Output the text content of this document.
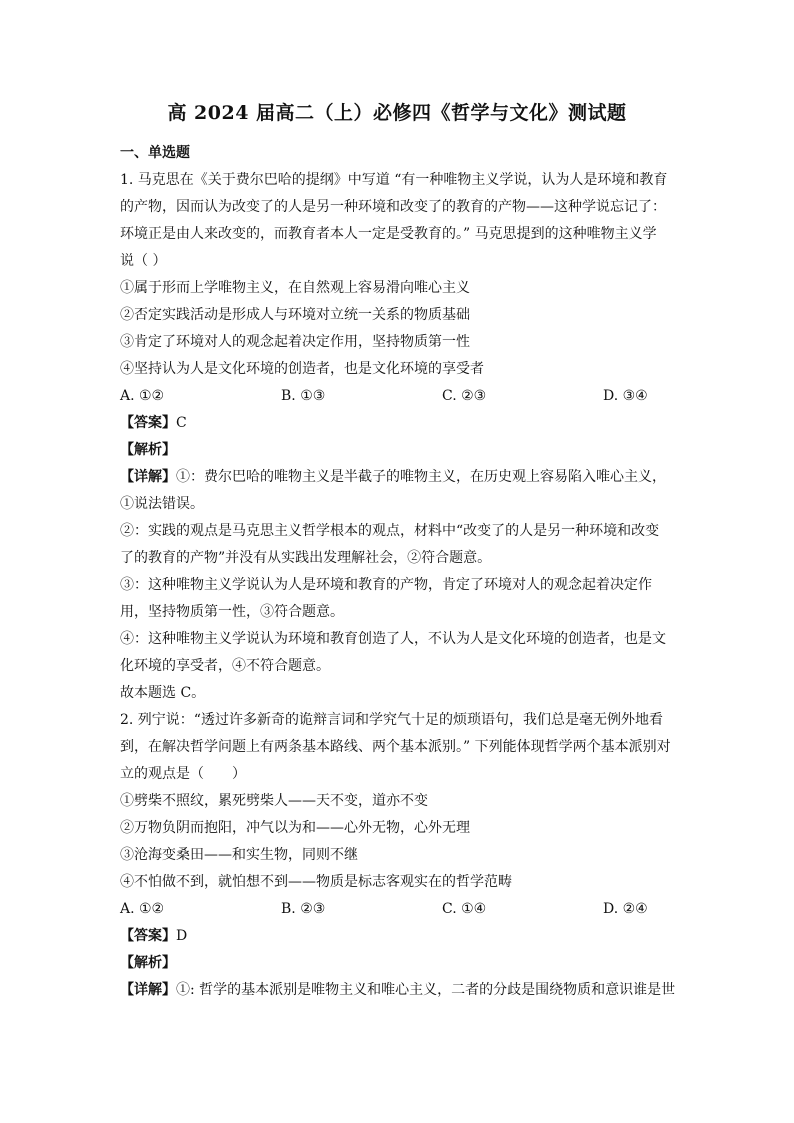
高 2024 届高二（上）必修四《哲学与文化》测试题
一、单选题
1. 马克思在《关于费尔巴哈的提纲》中写道 “有一种唯物主义学说，认为人是环境和教育
的产物，因而认为改变了的人是另一种环境和改变了的教育的产物——这种学说忘记了：
环境正是由人来改变的，而教育者本人一定是受教育的。” 马克思提到的这种唯物主义学
说（ ）
①属于形而上学唯物主义，在自然观上容易滑向唯心主义
②否定实践活动是形成人与环境对立统一关系的物质基础
③肯定了环境对人的观念起着决定作用，坚持物质第一性
④坚持认为人是文化环境的创造者，也是文化环境的享受者
A. ①②	B. ①③	C. ②③	D. ③④
【答案】C
【解析】
【详解】①：费尔巴哈的唯物主义是半截子的唯物主义，在历史观上容易陷入唯心主义，
①说法错误。
②：实践的观点是马克思主义哲学根本的观点，材料中“改变了的人是另一种环境和改变
了的教育的产物”并没有从实践出发理解社会，②符合题意。
③：这种唯物主义学说认为人是环境和教育的产物，肯定了环境对人的观念起着决定作
用，坚持物质第一性，③符合题意。
④：这种唯物主义学说认为环境和教育创造了人，不认为人是文化环境的创造者，也是文
化环境的享受者，④不符合题意。
故本题选 C。
2. 列宁说：“透过许多新奇的诡辩言词和学究气十足的烦琐语句，我们总是毫无例外地看
到，在解决哲学问题上有两条基本路线、两个基本派别。” 下列能体现哲学两个基本派别对
立的观点是（　　）
①劈柴不照纹，累死劈柴人——天不变，道亦不变
②万物负阴而抱阳，冲气以为和——心外无物，心外无理
③沧海变桑田——和实生物，同则不继
④不怕做不到，就怕想不到——物质是标志客观实在的哲学范畴
A. ①②	B. ②③	C. ①④	D. ②④
【答案】D
【解析】
【详解】①: 哲学的基本派别是唯物主义和唯心主义，二者的分歧是围绕物质和意识谁是世
